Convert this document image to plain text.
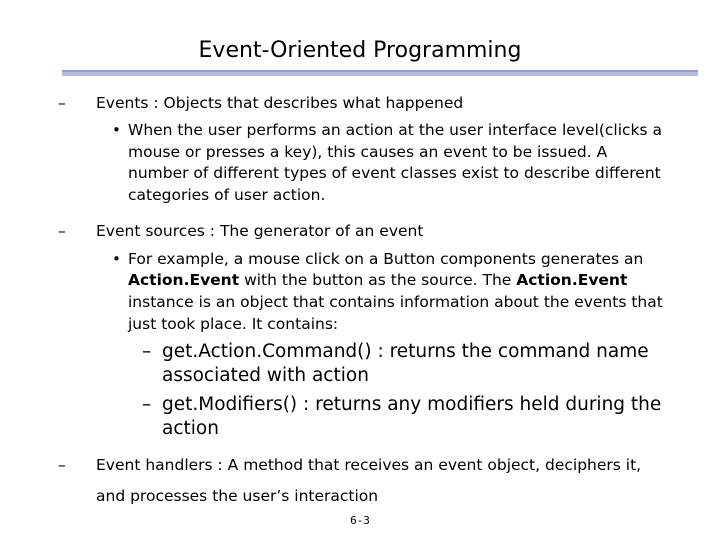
Event-Oriented Programming
– Events : Objects that describes what happened
• When the user performs an action at the user interface level(clicks a
mouse or presses a key), this causes an event to be issued. A
number of different types of event classes exist to describe different
categories of user action.
– Event sources : The generator of an event
• For example, a mouse click on a Button components generates an
Action.Event with the button as the source. The Action.Event
instance is an object that contains information about the events that
just took place. It contains:
– get.Action.Command() : returns the command name
associated with action
– get.Modifiers() : returns any modifiers held during the
action
– Event handlers : A method that receives an event object, deciphers it,
and processes the user’s interaction
6-3
